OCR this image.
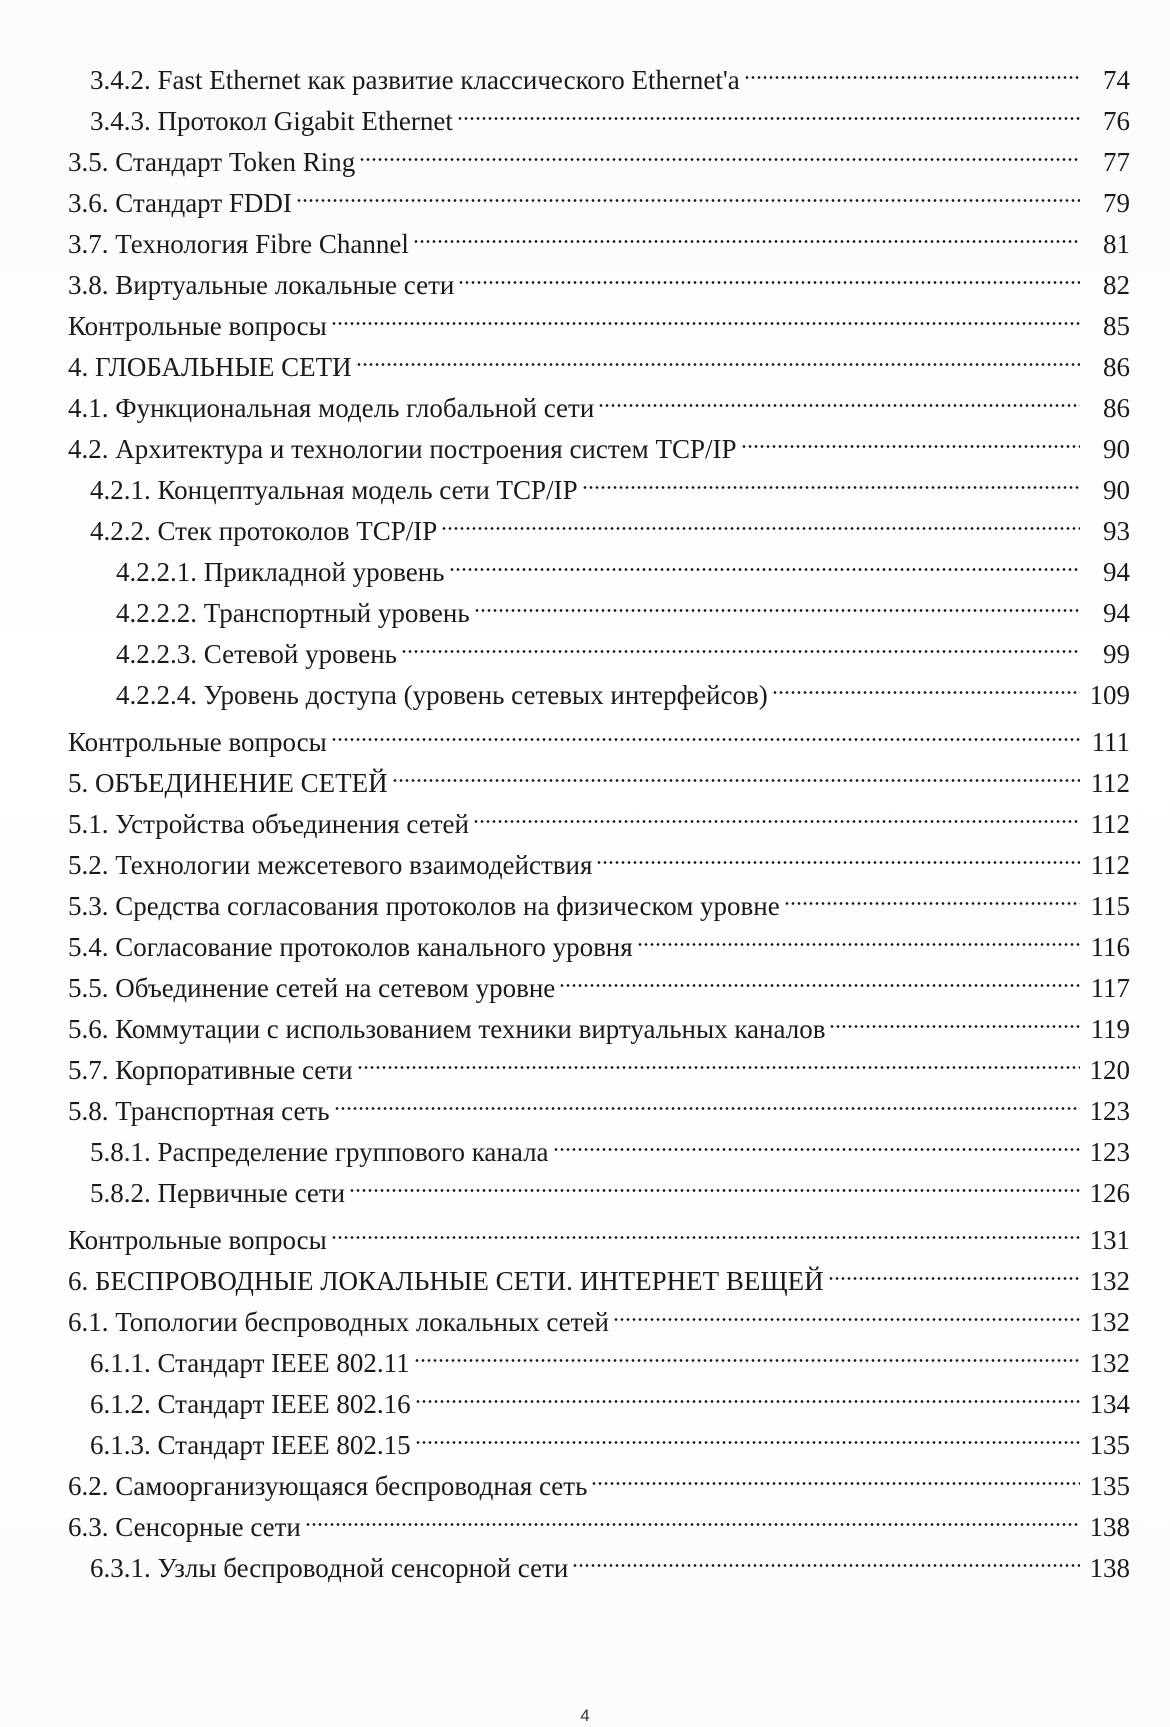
3.4.2. Fast Ethernet как развитие классического Ethernet'a	74
3.4.3. Протокол Gigabit Ethernet	76
3.5. Стандарт Token Ring	77
3.6. Стандарт FDDI	79
3.7. Технология Fibre Channel	81
3.8. Виртуальные локальные сети	82
Контрольные вопросы	85
4. ГЛОБАЛЬНЫЕ СЕТИ	86
4.1. Функциональная модель глобальной сети	86
4.2. Архитектура и технологии построения систем TCP/IP	90
4.2.1. Концептуальная модель сети TCP/IP	90
4.2.2. Стек протоколов TCP/IP	93
4.2.2.1. Прикладной уровень	94
4.2.2.2. Транспортный уровень	94
4.2.2.3. Сетевой уровень	99
4.2.2.4. Уровень доступа (уровень сетевых интерфейсов)	109
Контрольные вопросы	111
5. ОБЪЕДИНЕНИЕ СЕТЕЙ	112
5.1. Устройства объединения сетей	112
5.2. Технологии межсетевого взаимодействия	112
5.3. Средства согласования протоколов на физическом уровне	115
5.4. Согласование протоколов канального уровня	116
5.5. Объединение сетей на сетевом уровне	117
5.6. Коммутации с использованием техники виртуальных каналов	119
5.7. Корпоративные сети	120
5.8. Транспортная сеть	123
5.8.1. Распределение группового канала	123
5.8.2. Первичные сети	126
Контрольные вопросы	131
6. БЕСПРОВОДНЫЕ ЛОКАЛЬНЫЕ СЕТИ. ИНТЕРНЕТ ВЕЩЕЙ	132
6.1. Топологии беспроводных локальных сетей	132
6.1.1. Стандарт IEEE 802.11	132
6.1.2. Стандарт IEEE 802.16	134
6.1.3. Стандарт IEEE 802.15	135
6.2. Самоорганизующаяся беспроводная сеть	135
6.3. Сенсорные сети	138
6.3.1. Узлы беспроводной сенсорной сети	138
4
